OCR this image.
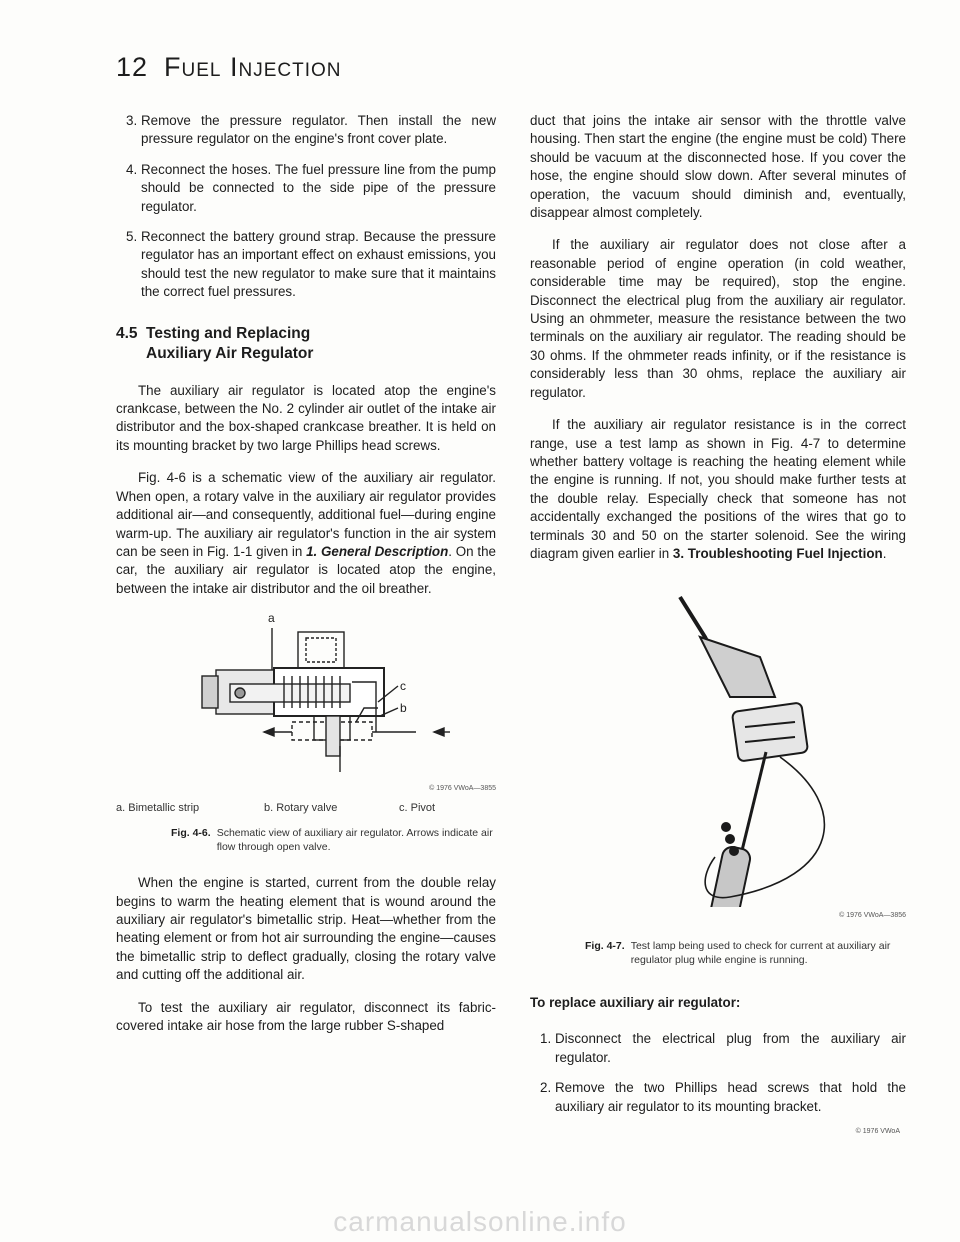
12 Fuel Injection
3. Remove the pressure regulator. Then install the new pressure regulator on the engine's front cover plate.
4. Reconnect the hoses. The fuel pressure line from the pump should be connected to the side pipe of the pressure regulator.
5. Reconnect the battery ground strap. Because the pressure regulator has an important effect on exhaust emissions, you should test the new regulator to make sure that it maintains the correct fuel pressures.
4.5 Testing and Replacing
Auxiliary Air Regulator

The auxiliary air regulator is located atop the engine's crankcase, between the No. 2 cylinder air outlet of the intake air distributor and the box-shaped crankcase breather. It is held on its mounting bracket by two large Phillips head screws.

Fig. 4-6 is a schematic view of the auxiliary air regulator. When open, a rotary valve in the auxiliary air regulator provides additional air—and consequently, additional fuel—during engine warm-up. The auxiliary air regulator's function in the air system can be seen in Fig. 1-1 given in 1. General Description. On the car, the auxiliary air regulator is located atop the engine, between the intake air distributor and the oil breather.

a
c
b
© 1976 VWoA—3855
a. Bimetallic strip	b. Rotary valve	c. Pivot
Fig. 4-6. Schematic view of auxiliary air regulator. Arrows indicate air flow through open valve.

When the engine is started, current from the double relay begins to warm the heating element that is wound around the auxiliary air regulator's bimetallic strip. Heat—whether from the heating element or from hot air surrounding the engine—causes the bimetallic strip to deflect gradually, closing the rotary valve and cutting off the additional air.

To test the auxiliary air regulator, disconnect its fabric-covered intake air hose from the large rubber S-shaped

duct that joins the intake air sensor with the throttle valve housing. Then start the engine (the engine must be cold) There should be vacuum at the disconnected hose. If you cover the hose, the engine should slow down. After several minutes of operation, the vacuum should diminish and, eventually, disappear almost completely.

If the auxiliary air regulator does not close after a reasonable period of engine operation (in cold weather, considerable time may be required), stop the engine. Disconnect the electrical plug from the auxiliary air regulator. Using an ohmmeter, measure the resistance between the two terminals on the auxiliary air regulator. The reading should be 30 ohms. If the ohmmeter reads infinity, or if the resistance is considerably less than 30 ohms, replace the auxiliary air regulator.

If the auxiliary air regulator resistance is in the correct range, use a test lamp as shown in Fig. 4-7 to determine whether battery voltage is reaching the heating element while the engine is running. If not, you should make further tests at the double relay. Especially check that someone has not accidentally exchanged the positions of the wires that go to terminals 30 and 50 on the starter solenoid. See the wiring diagram given earlier in 3. Troubleshooting Fuel Injection.

© 1976 VWoA—3856
Fig. 4-7. Test lamp being used to check for current at auxiliary air regulator plug while engine is running.
To replace auxiliary air regulator:
1. Disconnect the electrical plug from the auxiliary air regulator.
2. Remove the two Phillips head screws that hold the auxiliary air regulator to its mounting bracket.
© 1976 VWoA
carmanualsonline.info
